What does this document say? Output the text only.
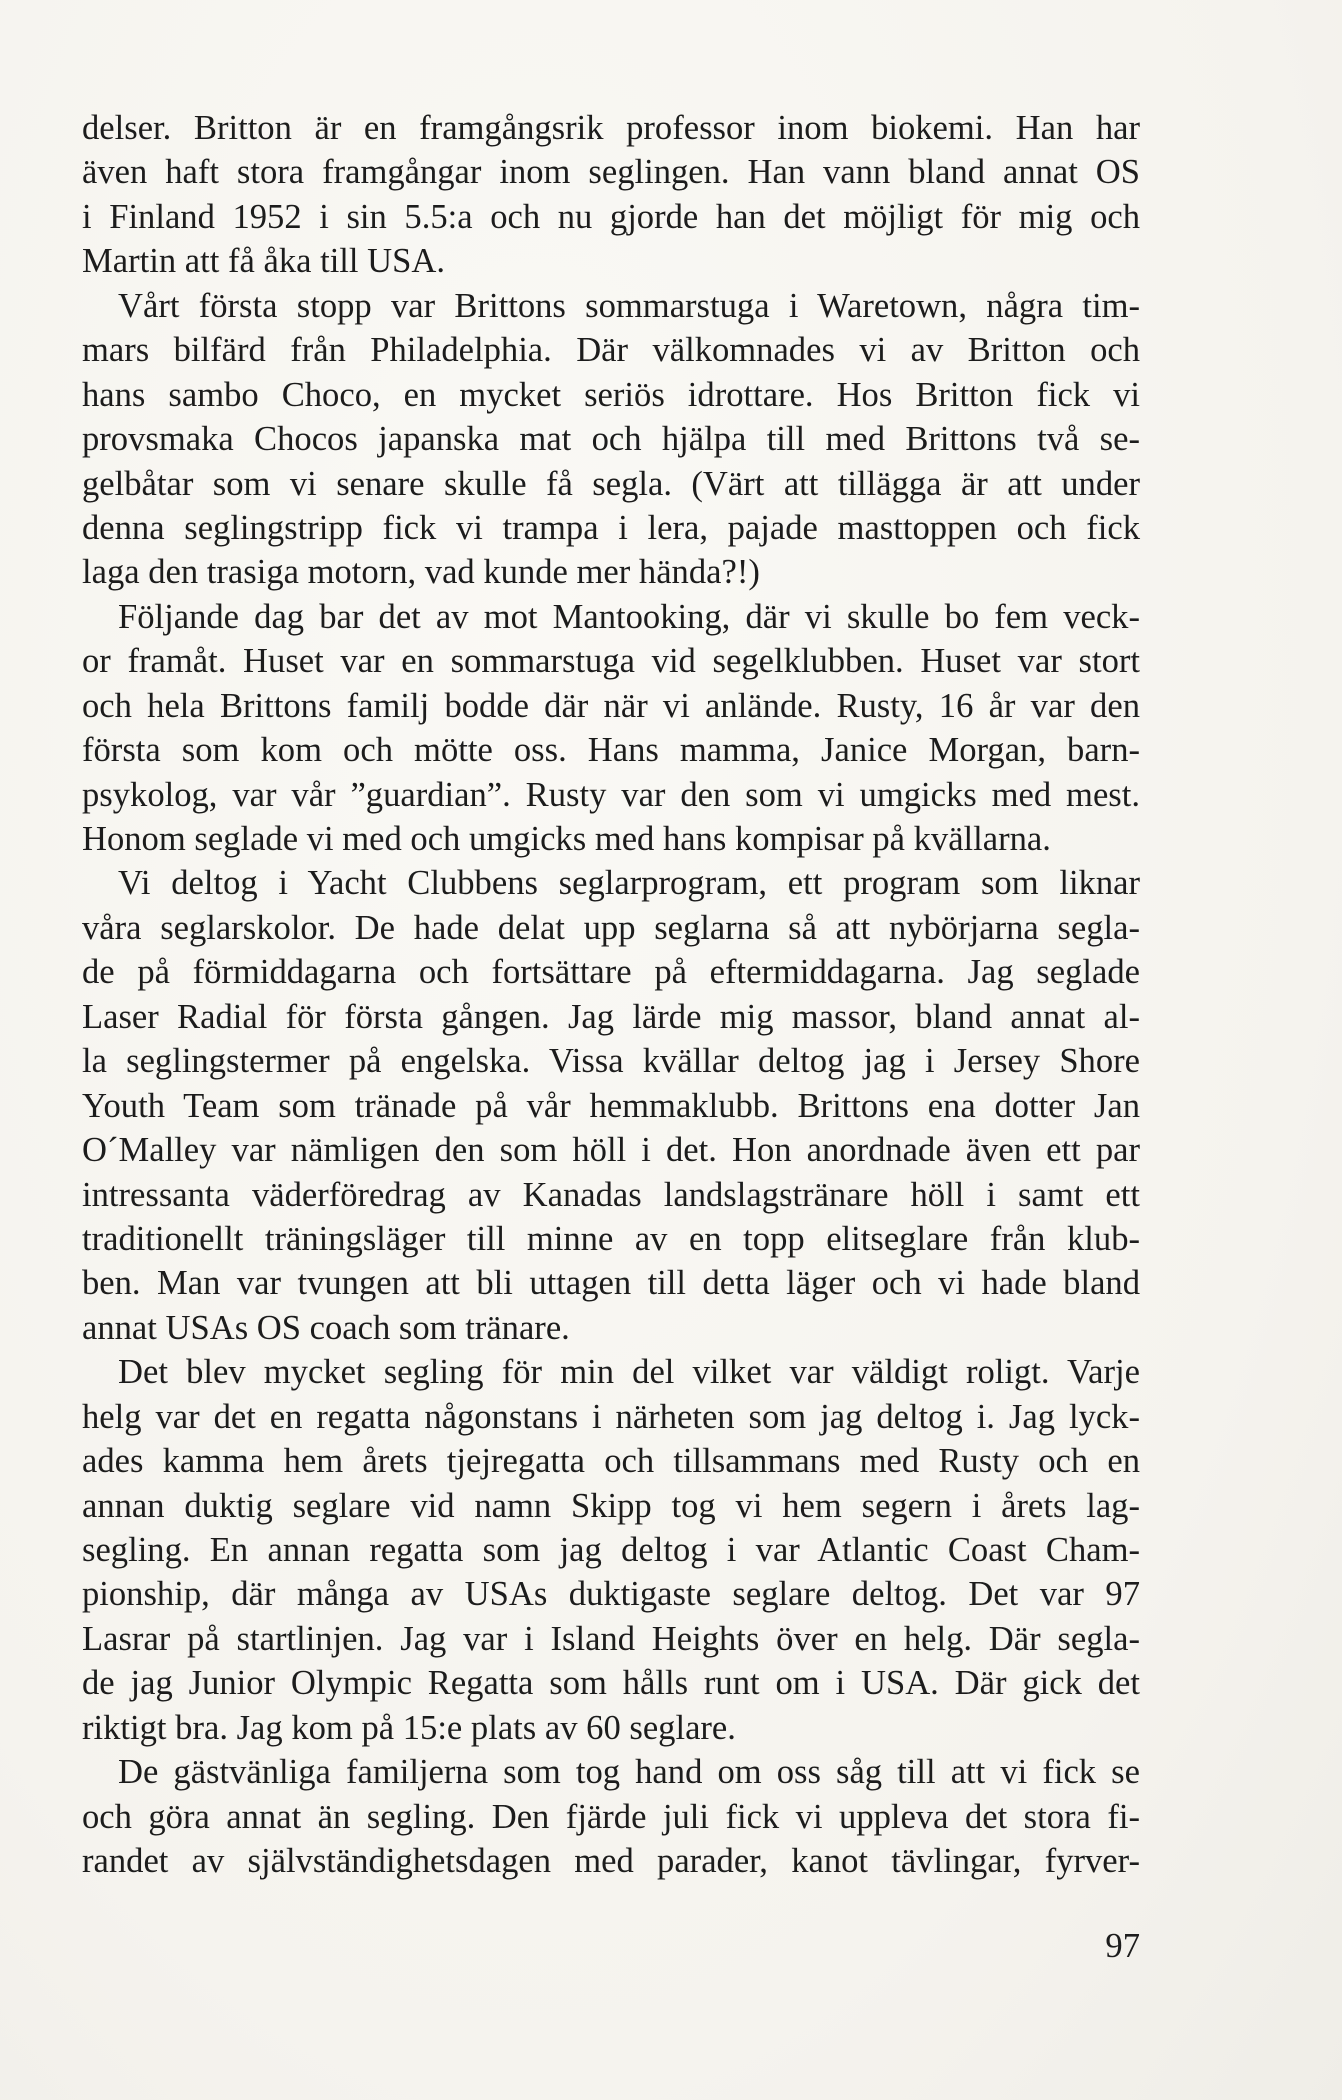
delser. Britton är en framgångsrik professor inom biokemi. Han har
även haft stora framgångar inom seglingen. Han vann bland annat OS
i Finland 1952 i sin 5.5:a och nu gjorde han det möjligt för mig och
Martin att få åka till USA.
Vårt första stopp var Brittons sommarstuga i Waretown, några tim-
mars bilfärd från Philadelphia. Där välkomnades vi av Britton och
hans sambo Choco, en mycket seriös idrottare. Hos Britton fick vi
provsmaka Chocos japanska mat och hjälpa till med Brittons två se-
gelbåtar som vi senare skulle få segla. (Värt att tillägga är att under
denna seglingstripp fick vi trampa i lera, pajade masttoppen och fick
laga den trasiga motorn, vad kunde mer hända?!)
Följande dag bar det av mot Mantooking, där vi skulle bo fem veck-
or framåt. Huset var en sommarstuga vid segelklubben. Huset var stort
och hela Brittons familj bodde där när vi anlände. Rusty, 16 år var den
första som kom och mötte oss. Hans mamma, Janice Morgan, barn-
psykolog, var vår ”guardian”. Rusty var den som vi umgicks med mest.
Honom seglade vi med och umgicks med hans kompisar på kvällarna.
Vi deltog i Yacht Clubbens seglarprogram, ett program som liknar
våra seglarskolor. De hade delat upp seglarna så att nybörjarna segla-
de på förmiddagarna och fortsättare på eftermiddagarna. Jag seglade
Laser Radial för första gången. Jag lärde mig massor, bland annat al-
la seglingstermer på engelska. Vissa kvällar deltog jag i Jersey Shore
Youth Team som tränade på vår hemmaklubb. Brittons ena dotter Jan
O´Malley var nämligen den som höll i det. Hon anordnade även ett par
intressanta väderföredrag av Kanadas landslagstränare höll i samt ett
traditionellt träningsläger till minne av en topp elitseglare från klub-
ben. Man var tvungen att bli uttagen till detta läger och vi hade bland
annat USAs OS coach som tränare.
Det blev mycket segling för min del vilket var väldigt roligt. Varje
helg var det en regatta någonstans i närheten som jag deltog i. Jag lyck-
ades kamma hem årets tjejregatta och tillsammans med Rusty och en
annan duktig seglare vid namn Skipp tog vi hem segern i årets lag-
segling. En annan regatta som jag deltog i var Atlantic Coast Cham-
pionship, där många av USAs duktigaste seglare deltog. Det var 97
Lasrar på startlinjen. Jag var i Island Heights över en helg. Där segla-
de jag Junior Olympic Regatta som hålls runt om i USA. Där gick det
riktigt bra. Jag kom på 15:e plats av 60 seglare.
De gästvänliga familjerna som tog hand om oss såg till att vi fick se
och göra annat än segling. Den fjärde juli fick vi uppleva det stora fi-
randet av självständighetsdagen med parader, kanot tävlingar, fyrver-
97
